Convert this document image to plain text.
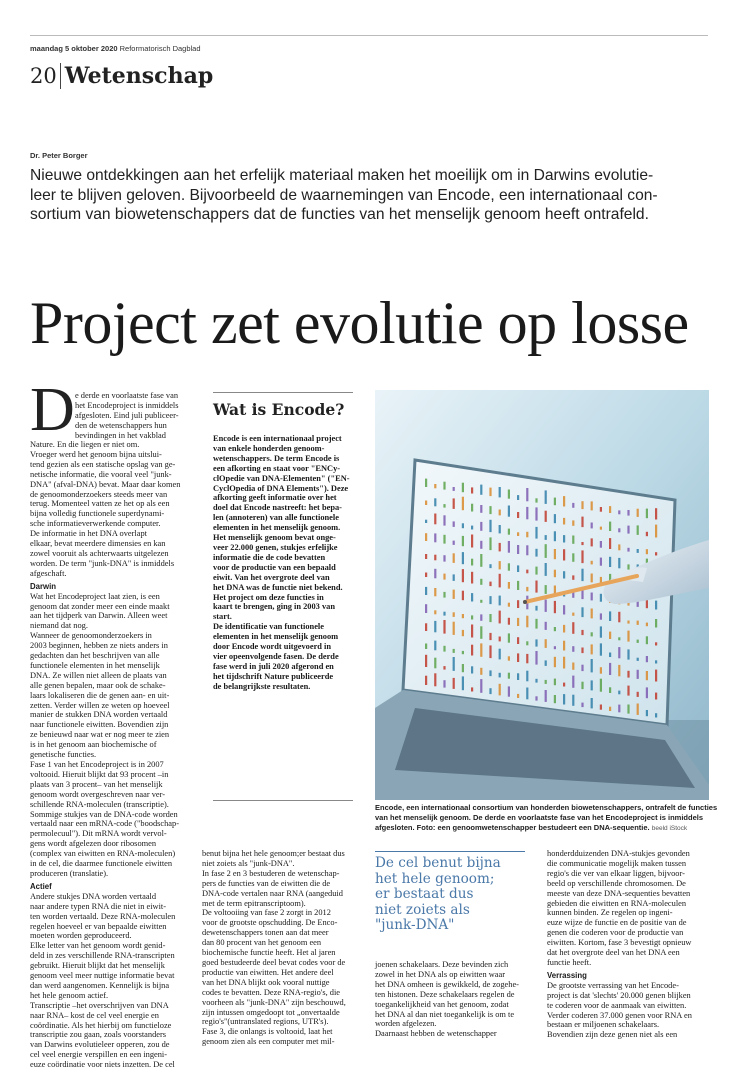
maandag 5 oktober 2020 Reformatorisch Dagblad
20 Wetenschap
Dr. Peter Borger
Nieuwe ontdekkingen aan het erfelijk materiaal maken het moeilijk om in Darwins evolutie-
leer te blijven geloven. Bijvoorbeeld de waarnemingen van Encode, een internationaal con-
sortium van biowetenschappers dat de functies van het menselijk genoom heeft ontrafeld.
Project zet evolutie op losse
D e derde en voorlaatste fase van
het Encodeproject is inmiddels
afgesloten. Eind juli publiceer-
den de wetenschappers hun
bevindingen in het vakblad
Nature. En die liegen er niet om.
Vroeger werd het genoom bijna uitslui-
tend gezien als een statische opslag van ge-
netische informatie, die vooral veel "junk-
DNA" (afval-DNA) bevat. Maar daar komen
de genoomonderzoekers steeds meer van
terug. Momenteel vatten ze het op als een
bijna volledig functionele superdynami-
sche informatieverwerkende computer.
De informatie in het DNA overlapt
elkaar, bevat meerdere dimensies en kan
zowel vooruit als achterwaarts uitgelezen
worden. De term "junk-DNA" is inmiddels
afgeschaft.
Darwin
Wat het Encodeproject laat zien, is een
genoom dat zonder meer een einde maakt
aan het tijdperk van Darwin. Alleen weet
niemand dat nog.
Wanneer de genoomonderzoekers in
2003 beginnen, hebben ze niets anders in
gedachten dan het beschrijven van alle
functionele elementen in het menselijk
DNA. Ze willen niet alleen de plaats van
alle genen bepalen, maar ook de schake-
laars lokaliseren die de genen aan- en uit-
zetten. Verder willen ze weten op hoeveel
manier de stukken DNA worden vertaald
naar functionele eiwitten. Bovendien zijn
ze benieuwd naar wat er nog meer te zien
is in het genoom aan biochemische of
genetische functies.
Fase 1 van het Encodeproject is in 2007
voltooid. Hieruit blijkt dat 93 procent –in
plaats van 3 procent– van het menselijk
genoom wordt overgeschreven naar ver-
schillende RNA-moleculen (transcriptie).
Sommige stukjes van de DNA-code worden
vertaald naar een mRNA-code ("boodschap-
permolecuul"). Dit mRNA wordt vervol-
gens wordt afgelezen door ribosomen
(complex van eiwitten en RNA-moleculen)
in de cel, die daarmee functionele eiwitten
produceren (translatie).
Actief
Andere stukjes DNA worden vertaald
naar andere typen RNA die niet in eiwit-
ten worden vertaald. Deze RNA-moleculen
regelen hoeveel er van bepaalde eiwitten
moeten worden geproduceerd.
Elke letter van het genoom wordt genid-
deld in zes verschillende RNA-transcripten
gebruikt. Hieruit blijkt dat het menselijk
genoom veel meer nuttige informatie bevat
dan werd aangenomen. Kennelijk is bijna
het hele genoom actief.
Transcriptie –het overschrijven van DNA
naar RNA– kost de cel veel energie en
coördinatie. Als het hierbij om functieloze
transcriptie zou gaan, zoals voorstanders
van Darwins evolutieleer opperen, zou de
cel veel energie verspillen en een ingeni-
euze coördinatie voor niets inzetten. De cel
Wat is Encode?
Encode is een internationaal project
van enkele honderden genoom-
wetenschappers. De term Encode is
een afkorting en staat voor "ENCy-
clOpedie van DNA-Elementen" ("EN-
CyclOpedia of DNA Elements"). Deze
afkorting geeft informatie over het
doel dat Encode nastreeft: het bepa-
len (annoteren) van alle functionele
elementen in het menselijk genoom.
Het menselijk genoom bevat onge-
veer 22.000 genen, stukjes erfelijke
informatie die de code bevatten
voor de productie van een bepaald
eiwit. Van het overgrote deel van
het DNA was de functie niet bekend.
Het project om deze functies in
kaart te brengen, ging in 2003 van
start.
De identificatie van functionele
elementen in het menselijk genoom
door Encode wordt uitgevoerd in
vier opeenvolgende fasen. De derde
fase werd in juli 2020 afgerond en
het tijdschrift Nature publiceerde
de belangrijkste resultaten.
benut bijna het hele genoom;er bestaat dus
niet zoiets als "junk-DNA".
In fase 2 en 3 bestuderen de wetenschap-
pers de functies van de eiwitten die de
DNA-code vertalen naar RNA (aangeduid
met de term epitranscriptoom).
De voltooiing van fase 2 zorgt in 2012
voor de grootste opschudding. De Enco-
dewetenschappers tonen aan dat meer
dan 80 procent van het genoom een
biochemische functie heeft. Het al jaren
goed bestudeerde deel bevat codes voor de
productie van eiwitten. Het andere deel
van het DNA blijkt ook vooral nuttige
codes te bevatten. Deze RNA-regio's, die
voorheen als "junk-DNA" zijn beschouwd,
zijn intussen omgedoopt tot „onvertaalde
regio's"(untranslated regions, UTR's).
Fase 3, die onlangs is voltooid, laat het
genoom zien als een computer met mil-
Encode, een internationaal consortium van honderden biowetenschappers, ontrafelt de functies
van het menselijk genoom. De derde en voorlaatste fase van het Encodeproject is inmiddels
afgesloten. Foto: een genoomwetenschapper bestudeert een DNA-sequentie. beeld iStock
De cel benut bijna
het hele genoom;
er bestaat dus
niet zoiets als
"junk-DNA"
joenen schakelaars. Deze bevinden zich
zowel in het DNA als op eiwitten waar
het DNA omheen is gewikkeld, de zogehe-
ten histonen. Deze schakelaars regelen de
toegankelijkheid van het genoom, zodat
het DNA al dan niet toegankelijk is om te
worden afgelezen.
Daarnaast hebben de wetenschapper
honderdduizenden DNA-stukjes gevonden
die communicatie mogelijk maken tussen
regio's die ver van elkaar liggen, bijvoor-
beeld op verschillende chromosomen. De
meeste van deze DNA-sequenties bevatten
gebieden die eiwitten en RNA-moleculen
kunnen binden. Ze regelen op ingeni-
euze wijze de functie en de positie van de
genen die coderen voor de productie van
eiwitten. Kortom, fase 3 bevestigt opnieuw
dat het overgrote deel van het DNA een
functie heeft.
Verrassing
De grootste verrassing van het Encode-
project is dat 'slechts' 20.000 genen blijken
te coderen voor de aanmaak van eiwitten.
Verder coderen 37.000 genen voor RNA en
bestaan er miljoenen schakelaars.
Bovendien zijn deze genen niet als een
